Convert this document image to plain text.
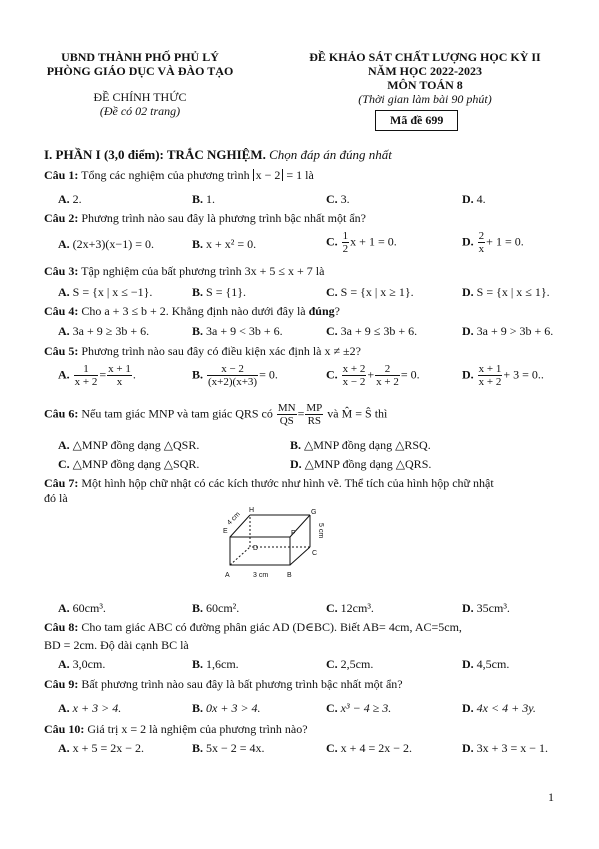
UBND THÀNH PHỐ PHỦ LÝ
PHÒNG GIÁO DỤC VÀ ĐÀO TẠO
ĐỀ CHÍNH THỨC
(Đề có 02 trang)
ĐỀ KHẢO SÁT CHẤT LƯỢNG HỌC KỲ II
NĂM HỌC 2022-2023
MÔN TOÁN 8
(Thời gian làm bài 90 phút)
Mã đề 699
I. PHẦN I (3,0 điểm): TRẮC NGHIỆM. Chọn đáp án đúng nhất
Câu 1: Tổng các nghiệm của phương trình x − 2 = 1 là
A. 2.	B. 1.	C. 3.	D. 4.
Câu 2: Phương trình nào sau đây là phương trình bậc nhất một ẩn?
A. (2x+3)(x−1) = 0.	B. x + x² = 0.	C. $\frac{1}{2}$ x + 1 = 0.	D. $\frac{2}{x} + 1 = 0$.
Câu 3: Tập nghiệm của bất phương trình 3x + 5 ≤ x + 7 là
A. S = {x | x ≤ −1}.	B. S = {1}.	C. S = {x | x ≥ 1}.	D. S = {x | x ≤ 1}.
Câu 4: Cho a + 3 ≤ b + 2. Khẳng định nào dưới đây là đúng?
A. 3a + 9 ≥ 3b + 6.	B. 3a + 9 < 3b + 6.	C. 3a + 9 ≤ 3b + 6.	D. 3a + 9 > 3b + 6.
Câu 5: Phương trình nào sau đây có điều kiện xác định là x ≠ ±2?
A. $\frac{1}{x + 2} = \frac{x + 1}{x}$ .	B. $\frac{x - 2}{(x+2)(x+3)} = 0$.	C. $\frac{x + 2}{x - 2} + \frac{2}{x + 2} = 0$.	D. $\frac{x + 1}{x + 2} + 3 = 0$..
Câu 6: Nếu tam giác MNP và tam giác QRS có $\frac{MN}{QS} = \frac{MP}{RS}$ và M̂ = Ŝ thì
A. △MNP đồng dạng △QSR.	B. △MNP đồng dạng △RSQ.
C. △MNP đồng dạng △SQR.	D. △MNP đồng dạng △QRS.
Câu 7: Một hình hộp chữ nhật có các kích thước như hình vẽ. Thể tích của hình hộp chữ nhật
đó là
H	G
E	F
D
C
A	B
3 cm
4 cm
5 cm
A. 60cm³.	B. 60cm².	C. 12cm³.	D. 35cm³.
Câu 8: Cho tam giác ABC có đường phân giác AD (D∈BC). Biết AB= 4cm, AC=5cm,
BD = 2cm. Độ dài cạnh BC là
A. 3,0cm.	B. 1,6cm.	C. 2,5cm.	D. 4,5cm.
Câu 9: Bất phương trình nào sau đây là bất phương trình bậc nhất một ẩn?
A. x + 3 > 4.	B. 0x + 3 > 4.	C. x³ − 4 ≥ 3.	D. 4x < 4 + 3y.
Câu 10: Giá trị x = 2 là nghiệm của phương trình nào?
A. x + 5 = 2x − 2.	B. 5x − 2 = 4x.	C. x + 4 = 2x − 2.	D. 3x + 3 = x − 1.
1
